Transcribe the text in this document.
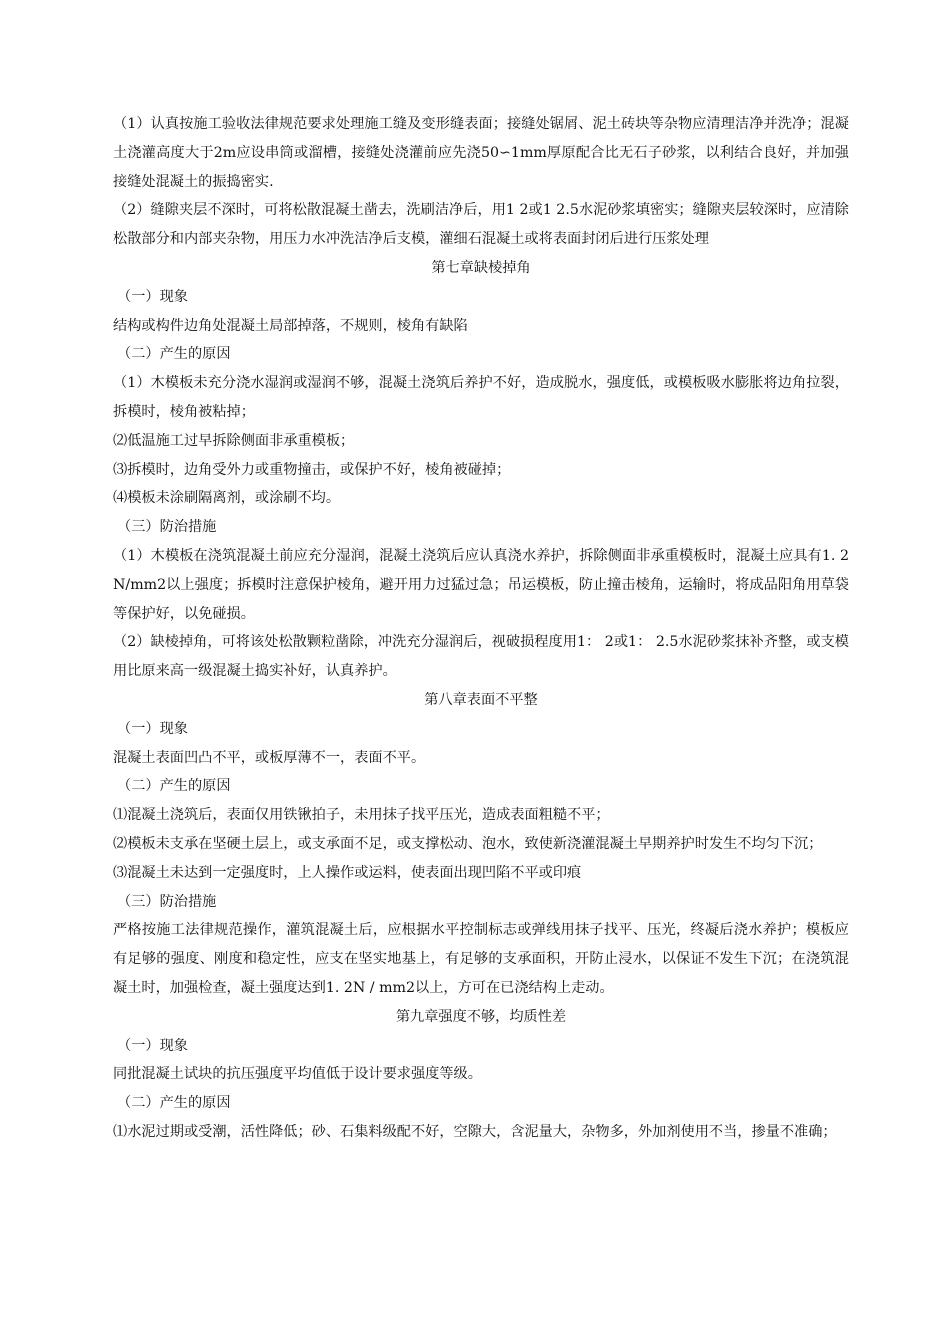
（1）认真按施工验收法律规范要求处理施工缝及变形缝表面；接缝处锯屑、泥土砖块等杂物应清理洁净并洗净；混凝土浇灌高度大于2m应设串筒或溜槽，接缝处浇灌前应先浇50∽1mm厚原配合比无石子砂浆，以利结合良好，并加强接缝处混凝土的振捣密实.
（2）缝隙夹层不深时，可将松散混凝土凿去，洗刷洁净后，用1 2或1 2.5水泥砂浆填密实；缝隙夹层较深时，应清除松散部分和内部夹杂物，用压力水冲洗洁净后支模，灌细石混凝土或将表面封闭后进行压浆处理
第七章缺棱掉角
（一）现象
结构或构件边角处混凝土局部掉落，不规则，棱角有缺陷
（二）产生的原因
（1）木模板未充分浇水湿润或湿润不够，混凝土浇筑后养护不好，造成脱水，强度低，或模板吸水膨胀将边角拉裂，拆模时，棱角被粘掉；
⑵低温施工过早拆除侧面非承重模板；
⑶拆模时，边角受外力或重物撞击，或保护不好，棱角被碰掉；
⑷模板未涂刷隔离剂，或涂刷不均。
（三）防治措施
（1）木模板在浇筑混凝土前应充分湿润，混凝土浇筑后应认真浇水养护，拆除侧面非承重模板时，混凝土应具有1. 2N/mm2以上强度；拆模时注意保护棱角，避开用力过猛过急；吊运模板，防止撞击棱角，运输时，将成品阳角用草袋等保护好，以免碰损。
（2）缺棱掉角，可将该处松散颗粒凿除，冲洗充分湿润后，视破损程度用1： 2或1： 2.5水泥砂浆抹补齐整，或支模用比原来高一级混凝土捣实补好，认真养护。
第八章表面不平整
（一）现象
混凝土表面凹凸不平，或板厚薄不一，表面不平。
（二）产生的原因
⑴混凝土浇筑后，表面仅用铁锹拍子，未用抹子找平压光，造成表面粗糙不平；
⑵模板未支承在坚硬土层上，或支承面不足，或支撑松动、泡水，致使新浇灌混凝土早期养护时发生不均匀下沉；
⑶混凝土未达到一定强度时，上人操作或运料，使表面出现凹陷不平或印痕
（三）防治措施
严格按施工法律规范操作，灌筑混凝土后，应根据水平控制标志或弹线用抹子找平、压光，终凝后浇水养护；模板应有足够的强度、刚度和稳定性，应支在坚实地基上，有足够的支承面积，开防止浸水，以保证不发生下沉；在浇筑混凝土时，加强检查，凝土强度达到1. 2N / mm2以上，方可在已浇结构上走动。
第九章强度不够，均质性差
（一）现象
同批混凝土试块的抗压强度平均值低于设计要求强度等级。
（二）产生的原因
⑴水泥过期或受潮，活性降低；砂、石集料级配不好，空隙大，含泥量大，杂物多，外加剂使用不当，掺量不准确；
